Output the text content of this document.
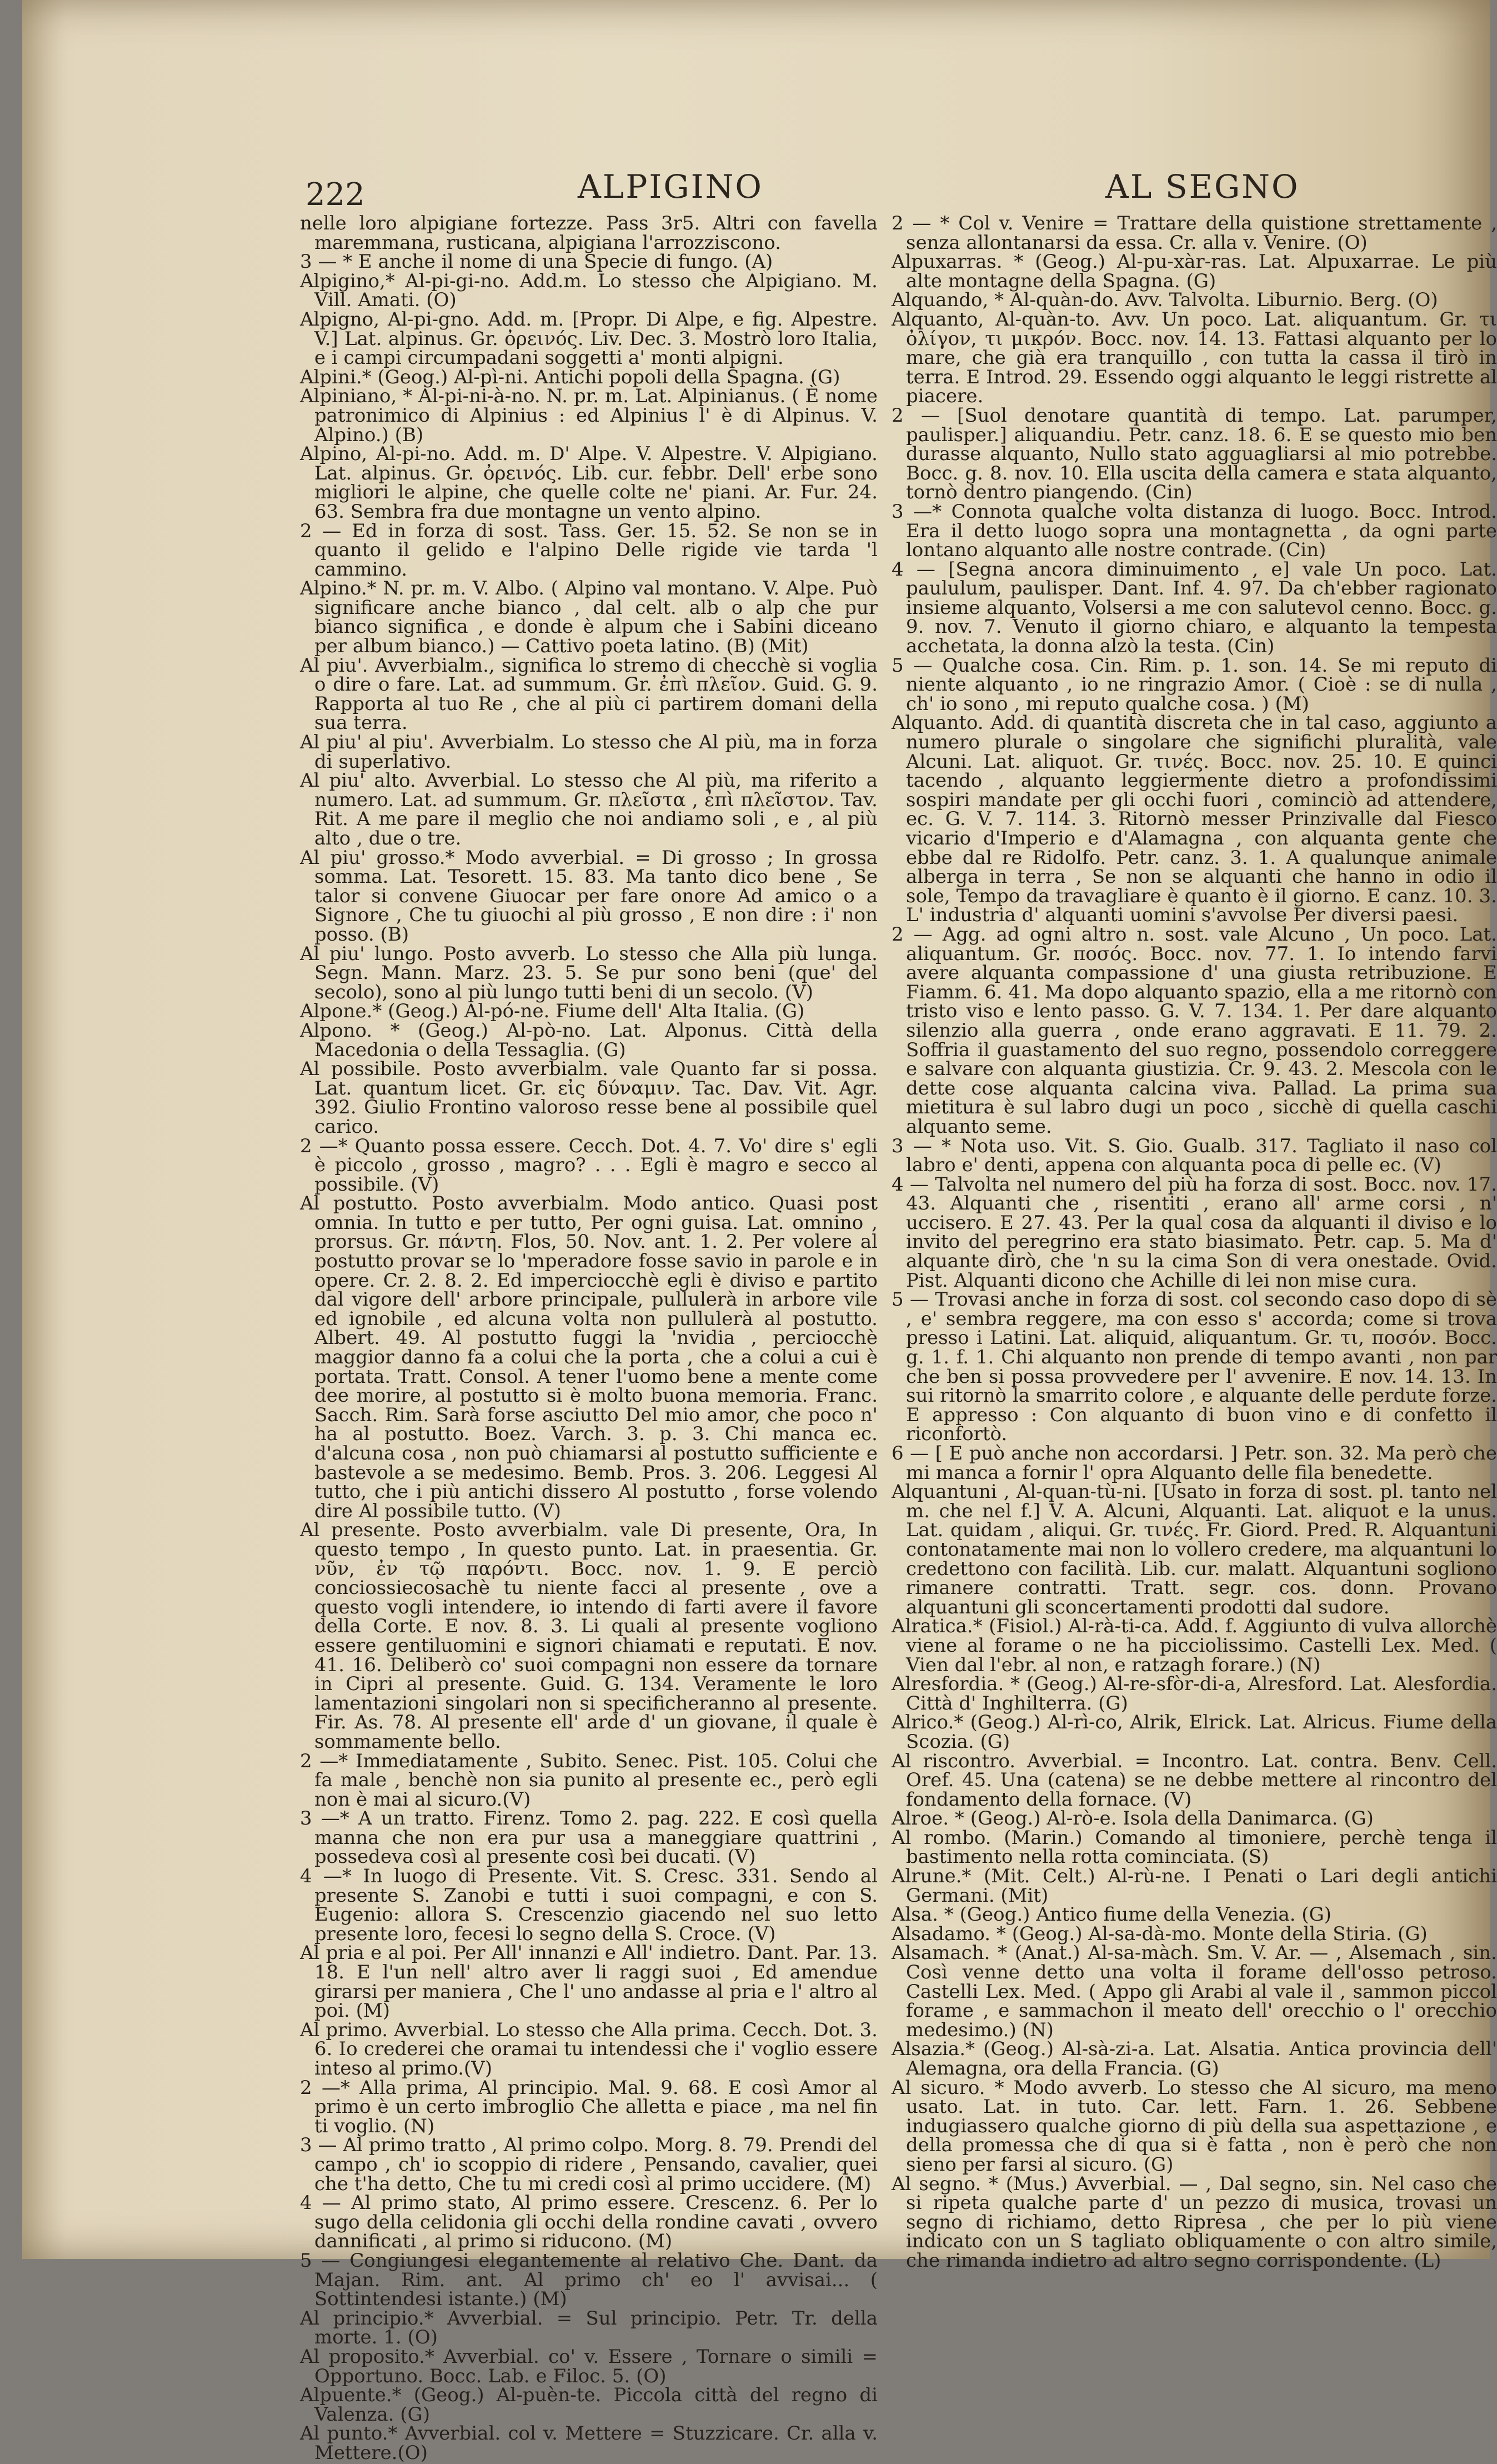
222	ALPIGINO	AL SEGNO

nelle loro alpigiane fortezze. Pass 3r5. Altri con favella maremmana, rusticana, alpigiana l'arrozziscono.

3 — * E anche il nome di una Specie di fungo. (A)

Alpigino,* Al-pi-gi-no. Add.m. Lo stesso che Alpigiano. M. Vill. Amati. (O)

Alpigno, Al-pi-gno. Add. m. [Propr. Di Alpe, e fig. Alpestre. V.] Lat. alpinus. Gr. ὀρεινός. Liv. Dec. 3. Mostrò loro Italia, e i campi circumpadani soggetti a' monti alpigni.

Alpini.* (Geog.) Al-pì-ni. Antichi popoli della Spagna. (G)

Alpiniano, * Al-pi-ni-à-no. N. pr. m. Lat. Alpinianus. ( È nome patronimico di Alpinius : ed Alpinius l' è di Alpinus. V. Alpino.) (B)

Alpino, Al-pi-no. Add. m. D' Alpe. V. Alpestre. V. Alpigiano. Lat. alpinus. Gr. ὀρεινός. Lib. cur. febbr. Dell' erbe sono migliori le alpine, che quelle colte ne' piani. Ar. Fur. 24. 63. Sembra fra due montagne un vento alpino.

2 — Ed in forza di sost. Tass. Ger. 15. 52. Se non se in quanto il gelido e l'alpino Delle rigide vie tarda 'l cammino.

Alpino.* N. pr. m. V. Albo. ( Alpino val montano. V. Alpe. Può significare anche bianco , dal celt. alb o alp che pur bianco significa , e donde è alpum che i Sabini diceano per album bianco.) — Cattivo poeta latino. (B) (Mit)

Al piu'. Avverbialm., significa lo stremo di checchè si voglia o dire o fare. Lat. ad summum. Gr. ἐπὶ πλεῖον. Guid. G. 9. Rapporta al tuo Re , che al più ci partirem domani della sua terra.

Al piu' al piu'. Avverbialm. Lo stesso che Al più, ma in forza di superlativo.

Al piu' alto. Avverbial. Lo stesso che Al più, ma riferito a numero. Lat. ad summum. Gr. πλεῖστα , ἐπὶ πλεῖστον. Tav. Rit. A me pare il meglio che noi andiamo soli , e , al più alto , due o tre.

Al piu' grosso.* Modo avverbial. = Di grosso ; In grossa somma. Lat. Tesorett. 15. 83. Ma tanto dico bene , Se talor si convene Giuocar per fare onore Ad amico o a Signore , Che tu giuochi al più grosso , E non dire : i' non posso. (B)

Al piu' lungo. Posto avverb. Lo stesso che Alla più lunga. Segn. Mann. Marz. 23. 5. Se pur sono beni (que' del secolo), sono al più lungo tutti beni di un secolo. (V)

Alpone.* (Geog.) Al-pó-ne. Fiume dell' Alta Italia. (G)

Alpono. * (Geog.) Al-pò-no. Lat. Alponus. Città della Macedonia o della Tessaglia. (G)

Al possibile. Posto avverbialm. vale Quanto far si possa. Lat. quantum licet. Gr. εἰς δύναμιν. Tac. Dav. Vit. Agr. 392. Giulio Frontino valoroso resse bene al possibile quel carico.

2 —* Quanto possa essere. Cecch. Dot. 4. 7. Vo' dire s' egli è piccolo , grosso , magro? . . . Egli è magro e secco al possibile. (V)

Al postutto. Posto avverbialm. Modo antico. Quasi post omnia. In tutto e per tutto, Per ogni guisa. Lat. omnino , prorsus. Gr. πάντη. Flos, 50. Nov. ant. 1. 2. Per volere al postutto provar se lo 'mperadore fosse savio in parole e in opere. Cr. 2. 8. 2. Ed imperciocchè egli è diviso e partito dal vigore dell' arbore principale, pullulerà in arbore vile ed ignobile , ed alcuna volta non pullulerà al postutto. Albert. 49. Al postutto fuggi la 'nvidia , perciocchè maggior danno fa a colui che la porta , che a colui a cui è portata. Tratt. Consol. A tener l'uomo bene a mente come dee morire, al postutto si è molto buona memoria. Franc. Sacch. Rim. Sarà forse asciutto Del mio amor, che poco n' ha al postutto. Boez. Varch. 3. p. 3. Chi manca ec. d'alcuna cosa , non può chiamarsi al postutto sufficiente e bastevole a se medesimo. Bemb. Pros. 3. 206. Leggesi Al tutto, che i più antichi dissero Al postutto , forse volendo dire Al possibile tutto. (V)

Al presente. Posto avverbialm. vale Di presente, Ora, In questo tempo , In questo punto. Lat. in praesentia. Gr. νῦν, ἐν τῷ παρόντι. Bocc. nov. 1. 9. E perciò conciossiecosachè tu niente facci al presente , ove a questo vogli intendere, io intendo di farti avere il favore della Corte. E nov. 8. 3. Li quali al presente vogliono essere gentiluomini e signori chiamati e reputati. E nov. 41. 16. Deliberò co' suoi compagni non essere da tornare in Cipri al presente. Guid. G. 134. Veramente le loro lamentazioni singolari non si specificheranno al presente. Fir. As. 78. Al presente ell' arde d' un giovane, il quale è sommamente bello.

2 —* Immediatamente , Subito. Senec. Pist. 105. Colui che fa male , benchè non sia punito al presente ec., però egli non è mai al sicuro.(V)

3 —* A un tratto. Firenz. Tomo 2. pag. 222. E così quella manna che non era pur usa a maneggiare quattrini , possedeva così al presente così bei ducati. (V)

4 —* In luogo di Presente. Vit. S. Cresc. 331. Sendo al presente S. Zanobi e tutti i suoi compagni, e con S. Eugenio: allora S. Crescenzio giacendo nel suo letto presente loro, fecesi lo segno della S. Croce. (V)

Al pria e al poi. Per All' innanzi e All' indietro. Dant. Par. 13. 18. E l'un nell' altro aver li raggi suoi , Ed amendue girarsi per maniera , Che l' uno andasse al pria e l' altro al poi. (M)

Al primo. Avverbial. Lo stesso che Alla prima. Cecch. Dot. 3. 6. Io crederei che oramai tu intendessi che i' voglio essere inteso al primo.(V)

2 —* Alla prima, Al principio. Mal. 9. 68. E così Amor al primo è un certo imbroglio Che alletta e piace , ma nel fin ti voglio. (N)

3 — Al primo tratto , Al primo colpo. Morg. 8. 79. Prendi del campo , ch' io scoppio di ridere , Pensando, cavalier, quei che t'ha detto, Che tu mi credi così al primo uccidere. (M)

4 — Al primo stato, Al primo essere. Crescenz. 6. Per lo sugo della celidonia gli occhi della rondine cavati , ovvero dannificati , al primo si riducono. (M)

5 — Congiungesi elegantemente al relativo Che. Dant. da Majan. Rim. ant. Al primo ch' eo l' avvisai... ( Sottintendesi istante.) (M)

Al principio.* Avverbial. = Sul principio. Petr. Tr. della morte. 1. (O)

Al proposito.* Avverbial. co' v. Essere , Tornare o simili = Opportuno. Bocc. Lab. e Filoc. 5. (O)

Alpuente.* (Geog.) Al-puèn-te. Piccola città del regno di Valenza. (G)

Al punto.* Avverbial. col v. Mettere = Stuzzicare. Cr. alla v. Mettere.(O)

2 — * Col v. Venire = Trattare della quistione strettamente , senza allontanarsi da essa. Cr. alla v. Venire. (O)

Alpuxarras. * (Geog.) Al-pu-xàr-ras. Lat. Alpuxarrae. Le più alte montagne della Spagna. (G)

Alquando, * Al-quàn-do. Avv. Talvolta. Liburnio. Berg. (O)

Alquanto, Al-quàn-to. Avv. Un poco. Lat. aliquantum. Gr. τι ὀλίγον, τι μικρόν. Bocc. nov. 14. 13. Fattasi alquanto per lo mare, che già era tranquillo , con tutta la cassa il tirò in terra. E Introd. 29. Essendo oggi alquanto le leggi ristrette al piacere.

2 — [Suol denotare quantità di tempo. Lat. parumper, paulisper.] aliquandiu. Petr. canz. 18. 6. E se questo mio ben durasse alquanto, Nullo stato agguagliarsi al mio potrebbe. Bocc. g. 8. nov. 10. Ella uscita della camera e stata alquanto, tornò dentro piangendo. (Cin)

3 —* Connota qualche volta distanza di luogo. Bocc. Introd. Era il detto luogo sopra una montagnetta , da ogni parte lontano alquanto alle nostre contrade. (Cin)

4 — [Segna ancora diminuimento , e] vale Un poco. Lat. paululum, paulisper. Dant. Inf. 4. 97. Da ch'ebber ragionato insieme alquanto, Volsersi a me con salutevol cenno. Bocc. g. 9. nov. 7. Venuto il giorno chiaro, e alquanto la tempesta acchetata, la donna alzò la testa. (Cin)

5 — Qualche cosa. Cin. Rim. p. 1. son. 14. Se mi reputo di niente alquanto , io ne ringrazio Amor. ( Cioè : se di nulla , ch' io sono , mi reputo qualche cosa. ) (M)

Alquanto. Add. di quantità discreta che in tal caso, aggiunto a numero plurale o singolare che significhi pluralità, vale Alcuni. Lat. aliquot. Gr. τινές. Bocc. nov. 25. 10. E quinci tacendo , alquanto leggiermente dietro a profondissimi sospiri mandate per gli occhi fuori , cominciò ad attendere, ec. G. V. 7. 114. 3. Ritornò messer Prinzivalle dal Fiesco vicario d'Imperio e d'Alamagna , con alquanta gente che ebbe dal re Ridolfo. Petr. canz. 3. 1. A qualunque animale alberga in terra , Se non se alquanti che hanno in odio il sole, Tempo da travagliare è quanto è il giorno. E canz. 10. 3. L' industria d' alquanti uomini s'avvolse Per diversi paesi.

2 — Agg. ad ogni altro n. sost. vale Alcuno , Un poco. Lat. aliquantum. Gr. ποσός. Bocc. nov. 77. 1. Io intendo farvi avere alquanta compassione d' una giusta retribuzione. E Fiamm. 6. 41. Ma dopo alquanto spazio, ella a me ritornò con tristo viso e lento passo. G. V. 7. 134. 1. Per dare alquanto silenzio alla guerra , onde erano aggravati. E 11. 79. 2. Soffria il guastamento del suo regno, possendolo correggere e salvare con alquanta giustizia. Cr. 9. 43. 2. Mescola con le dette cose alquanta calcina viva. Pallad. La prima sua mietitura è sul labro dugi un poco , sicchè di quella caschi alquanto seme.

3 — * Nota uso. Vit. S. Gio. Gualb. 317. Tagliato il naso col labro e' denti, appena con alquanta poca di pelle ec. (V)

4 — Talvolta nel numero del più ha forza di sost. Bocc. nov. 17. 43. Alquanti che , risentiti , erano all' arme corsi , n' uccisero. E 27. 43. Per la qual cosa da alquanti il diviso e lo invito del peregrino era stato biasimato. Petr. cap. 5. Ma d' alquante dirò, che 'n su la cima Son di vera onestade. Ovid. Pist. Alquanti dicono che Achille di lei non mise cura.

5 — Trovasi anche in forza di sost. col secondo caso dopo di sè , e' sembra reggere, ma con esso s' accorda; come si trova presso i Latini. Lat. aliquid, aliquantum. Gr. τι, ποσόν. Bocc. g. 1. f. 1. Chi alquanto non prende di tempo avanti , non par che ben si possa provvedere per l' avvenire. E nov. 14. 13. In sui ritornò la smarrito colore , e alquante delle perdute forze. E appresso : Con alquanto di buon vino e di confetto il riconfortò.

6 — [ E può anche non accordarsi. ] Petr. son. 32. Ma però che mi manca a fornir l' opra Alquanto delle fila benedette.

Alquantuni , Al-quan-tù-ni. [Usato in forza di sost. pl. tanto nel m. che nel f.] V. A. Alcuni, Alquanti. Lat. aliquot e la unus. Lat. quidam , aliqui. Gr. τινές. Fr. Giord. Pred. R. Alquantuni contonatamente mai non lo vollero credere, ma alquantuni lo credettono con facilità. Lib. cur. malatt. Alquantuni sogliono rimanere contratti. Tratt. segr. cos. donn. Provano alquantuni gli sconcertamenti prodotti dal sudore.

Alratica.* (Fisiol.) Al-rà-ti-ca. Add. f. Aggiunto di vulva allorchè viene al forame o ne ha picciolissimo. Castelli Lex. Med. ( Vien dal l'ebr. al non, e ratzagh forare.) (N)

Alresfordia. * (Geog.) Al-re-sfòr-di-a, Alresford. Lat. Alesfordia. Città d' Inghilterra. (G)

Alrico.* (Geog.) Al-rì-co, Alrik, Elrick. Lat. Alricus. Fiume della Scozia. (G)

Al riscontro. Avverbial. = Incontro. Lat. contra. Benv. Cell. Oref. 45. Una (catena) se ne debbe mettere al rincontro del fondamento della fornace. (V)

Alroe. * (Geog.) Al-rò-e. Isola della Danimarca. (G)

Al rombo. (Marin.) Comando al timoniere, perchè tenga il bastimento nella rotta cominciata. (S)

Alrune.* (Mit. Celt.) Al-rù-ne. I Penati o Lari degli antichi Germani. (Mit)

Alsa. * (Geog.) Antico fiume della Venezia. (G)

Alsadamo. * (Geog.) Al-sa-dà-mo. Monte della Stiria. (G)

Alsamach. * (Anat.) Al-sa-màch. Sm. V. Ar. — , Alsemach , sin. Così venne detto una volta il forame dell'osso petroso. Castelli Lex. Med. ( Appo gli Arabi al vale il , sammon piccol forame , e sammachon il meato dell' orecchio o l' orecchio medesimo.) (N)

Alsazia.* (Geog.) Al-sà-zi-a. Lat. Alsatia. Antica provincia dell' Alemagna, ora della Francia. (G)

Al sicuro. * Modo avverb. Lo stesso che Al sicuro, ma meno usato. Lat. in tuto. Car. lett. Farn. 1. 26. Sebbene indugiassero qualche giorno di più della sua aspettazione , e della promessa che di qua si è fatta , non è però che non sieno per farsi al sicuro. (G)

Al segno. * (Mus.) Avverbial. — , Dal segno, sin. Nel caso che si ripeta qualche parte d' un pezzo di musica, trovasi un segno di richiamo, detto Ripresa , che per lo più viene indicato con un S tagliato obliquamente o con altro simile, che rimanda indietro ad altro segno corrispondente. (L)
